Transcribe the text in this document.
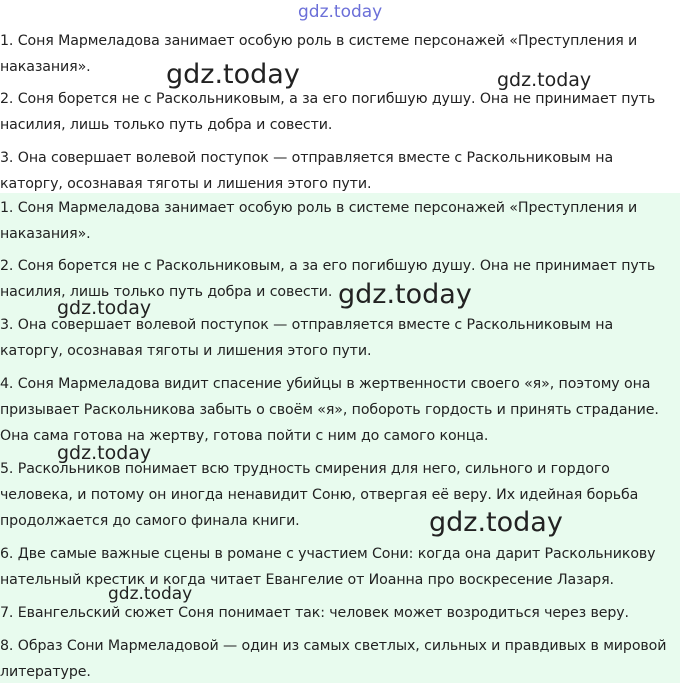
1. Соня Мармеладова занимает особую роль в системе персонажей «Преступления и наказания».

2. Соня борется не с Раскольниковым, а за его погибшую душу. Она не принимает путь насилия, лишь только путь добра и совести.

3. Она совершает волевой поступок — отправляется вместе с Раскольниковым на каторгу, осознавая тяготы и лишения этого пути.

1. Соня Мармеладова занимает особую роль в системе персонажей «Преступления и наказания».

2. Соня борется не с Раскольниковым, а за его погибшую душу. Она не принимает путь насилия, лишь только путь добра и совести.

3. Она совершает волевой поступок — отправляется вместе с Раскольниковым на каторгу, осознавая тяготы и лишения этого пути.

4. Соня Мармеладова видит спасение убийцы в жертвенности своего «я», поэтому она призывает Раскольникова забыть о своём «я», побороть гордость и принять страдание. Она сама готова на жертву, готова пойти с ним до самого конца.

5. Раскольников понимает всю трудность смирения для него, сильного и гордого человека, и потому он иногда ненавидит Соню, отвергая её веру. Их идейная борьба продолжается до самого финала книги.

6. Две самые важные сцены в романе с участием Сони: когда она дарит Раскольникову нательный крестик и когда читает Евангелие от Иоанна про воскресение Лазаря.

7. Евангельский сюжет Соня понимает так: человек может возродиться через веру.

8. Образ Сони Мармеладовой — один из самых светлых, сильных и правдивых в мировой литературе.

gdz.today
gdz.today	gdz.today
gdz.today
gdz.today
gdz.today
gdz.today
gdz.today
